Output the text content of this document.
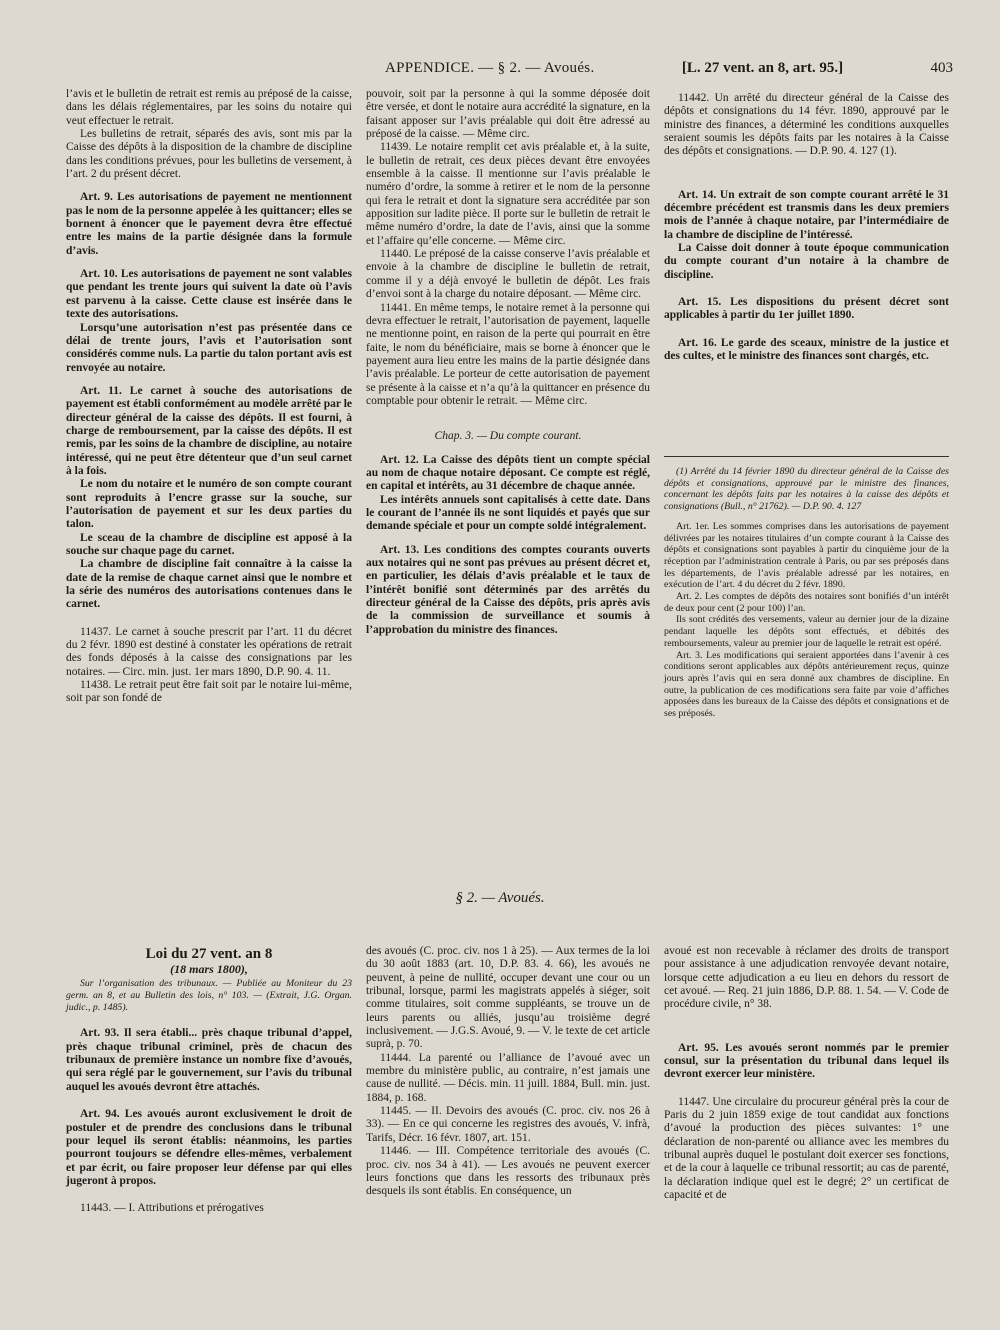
APPENDICE. — § 2. — Avoués.	[L. 27 vent. an 8, art. 95.]	403

l’avis et le bulletin de retrait est remis au préposé de la caisse, dans les délais réglementaires, par les soins du notaire qui veut effectuer le retrait.

Les bulletins de retrait, séparés des avis, sont mis par la Caisse des dépôts à la disposition de la chambre de discipline dans les conditions prévues, pour les bulletins de versement, à l’art. 2 du présent décret.

Art. 9. Les autorisations de payement ne mentionnent pas le nom de la personne appelée à les quittancer; elles se bornent à énoncer que le payement devra être effectué entre les mains de la partie désignée dans la formule d’avis.

Art. 10. Les autorisations de payement ne sont valables que pendant les trente jours qui suivent la date où l’avis est parvenu à la caisse. Cette clause est insérée dans le texte des autorisations.

Lorsqu’une autorisation n’est pas présentée dans ce délai de trente jours, l’avis et l’autorisation sont considérés comme nuls. La partie du talon portant avis est renvoyée au notaire.

Art. 11. Le carnet à souche des autorisations de payement est établi conformément au modèle arrêté par le directeur général de la caisse des dépôts. Il est fourni, à charge de remboursement, par la caisse des dépôts. Il est remis, par les soins de la chambre de discipline, au notaire intéressé, qui ne peut être détenteur que d’un seul carnet à la fois.

Le nom du notaire et le numéro de son compte courant sont reproduits à l’encre grasse sur la souche, sur l’autorisation de payement et sur les deux parties du talon.

Le sceau de la chambre de discipline est apposé à la souche sur chaque page du carnet.

La chambre de discipline fait connaître à la caisse la date de la remise de chaque carnet ainsi que le nombre et la série des numéros des autorisations contenues dans le carnet.

11437. Le carnet à souche prescrit par l’art. 11 du décret du 2 févr. 1890 est destiné à constater les opérations de retrait des fonds déposés à la caisse des consignations par les notaires. — Circ. min. just. 1er mars 1890, D.P. 90. 4. 11.

11438. Le retrait peut être fait soit par le notaire lui-même, soit par son fondé de

pouvoir, soit par la personne à qui la somme déposée doit être versée, et dont le notaire aura accrédité la signature, en la faisant apposer sur l’avis préalable qui doit être adressé au préposé de la caisse. — Même circ.

11439. Le notaire remplit cet avis préalable et, à la suite, le bulletin de retrait, ces deux pièces devant être envoyées ensemble à la caisse. Il mentionne sur l’avis préalable le numéro d’ordre, la somme à retirer et le nom de la personne qui fera le retrait et dont la signature sera accréditée par son apposition sur ladite pièce. Il porte sur le bulletin de retrait le même numéro d’ordre, la date de l’avis, ainsi que la somme et l’affaire qu’elle concerne. — Même circ.

11440. Le préposé de la caisse conserve l’avis préalable et envoie à la chambre de discipline le bulletin de retrait, comme il y a déjà envoyé le bulletin de dépôt. Les frais d’envoi sont à la charge du notaire déposant. — Même circ.

11441. En même temps, le notaire remet à la personne qui devra effectuer le retrait, l’autorisation de payement, laquelle ne mentionne point, en raison de la perte qui pourrait en être faite, le nom du bénéficiaire, mais se borne à énoncer que le payement aura lieu entre les mains de la partie désignée dans l’avis préalable. Le porteur de cette autorisation de payement se présente à la caisse et n’a qu’à la quittancer en présence du comptable pour obtenir le retrait. — Même circ.

Chap. 3. — Du compte courant.

Art. 12. La Caisse des dépôts tient un compte spécial au nom de chaque notaire déposant. Ce compte est réglé, en capital et intérêts, au 31 décembre de chaque année.

Les intérêts annuels sont capitalisés à cette date. Dans le courant de l’année ils ne sont liquidés et payés que sur demande spéciale et pour un compte soldé intégralement.

Art. 13. Les conditions des comptes courants ouverts aux notaires qui ne sont pas prévues au présent décret et, en particulier, les délais d’avis préalable et le taux de l’intérêt bonifié sont déterminés par des arrêtés du directeur général de la Caisse des dépôts, pris après avis de la commission de surveillance et soumis à l’approbation du ministre des finances.

11442. Un arrêté du directeur général de la Caisse des dépôts et consignations du 14 févr. 1890, approuvé par le ministre des finances, a déterminé les conditions auxquelles seraient soumis les dépôts faits par les notaires à la Caisse des dépôts et consignations. — D.P. 90. 4. 127 (1).

Art. 14. Un extrait de son compte courant arrêté le 31 décembre précédent est transmis dans les deux premiers mois de l’année à chaque notaire, par l’intermédiaire de la chambre de discipline de l’intéressé.

La Caisse doit donner à toute époque communication du compte courant d’un notaire à la chambre de discipline.

Art. 15. Les dispositions du présent décret sont applicables à partir du 1er juillet 1890.

Art. 16. Le garde des sceaux, ministre de la justice et des cultes, et le ministre des finances sont chargés, etc.

(1) Arrêté du 14 février 1890 du directeur général de la Caisse des dépôts et consignations, approuvé par le ministre des finances, concernant les dépôts faits par les notaires à la caisse des dépôts et consignations (Bull., n° 21762). — D.P. 90. 4. 127

Art. 1er. Les sommes comprises dans les autorisations de payement délivrées par les notaires titulaires d’un compte courant à la Caisse des dépôts et consignations sont payables à partir du cinquième jour de la réception par l’administration centrale à Paris, ou par ses préposés dans les départements, de l’avis préalable adressé par les notaires, en exécution de l’art. 4 du décret du 2 févr. 1890.

Art. 2. Les comptes de dépôts des notaires sont bonifiés d’un intérêt de deux pour cent (2 pour 100) l’an.

Ils sont crédités des versements, valeur au dernier jour de la dizaine pendant laquelle les dépôts sont effectués, et débités des remboursements, valeur au premier jour de laquelle le retrait est opéré.

Art. 3. Les modifications qui seraient apportées dans l’avenir à ces conditions seront applicables aux dépôts antérieurement reçus, quinze jours après l’avis qui en sera donné aux chambres de discipline. En outre, la publication de ces modifications sera faite par voie d’affiches apposées dans les bureaux de la Caisse des dépôts et consignations et de ses préposés.

§ 2. — Avoués.

Loi du 27 vent. an 8

(18 mars 1800),

Sur l’organisation des tribunaux. — Publiée au Moniteur du 23 germ. an 8, et au Bulletin des lois, n° 103. — (Extrait, J.G. Organ. judic., p. 1485).

Art. 93. Il sera établi... près chaque tribunal d’appel, près chaque tribunal criminel, près de chacun des tribunaux de première instance un nombre fixe d’avoués, qui sera réglé par le gouvernement, sur l’avis du tribunal auquel les avoués devront être attachés.

Art. 94. Les avoués auront exclusivement le droit de postuler et de prendre des conclusions dans le tribunal pour lequel ils seront établis: néanmoins, les parties pourront toujours se défendre elles-mêmes, verbalement et par écrit, ou faire proposer leur défense par qui elles jugeront à propos.

11443. — I. Attributions et prérogatives

des avoués (C. proc. civ. nos 1 à 25). — Aux termes de la loi du 30 août 1883 (art. 10, D.P. 83. 4. 66), les avoués ne peuvent, à peine de nullité, occuper devant une cour ou un tribunal, lorsque, parmi les magistrats appelés à siéger, soit comme titulaires, soit comme suppléants, se trouve un de leurs parents ou alliés, jusqu’au troisième degré inclusivement. — J.G.S. Avoué, 9. — V. le texte de cet article suprà, p. 70.

11444. La parenté ou l’alliance de l’avoué avec un membre du ministère public, au contraire, n’est jamais une cause de nullité. — Décis. min. 11 juill. 1884, Bull. min. just. 1884, p. 168.

11445. — II. Devoirs des avoués (C. proc. civ. nos 26 à 33). — En ce qui concerne les registres des avoués, V. infrà, Tarifs, Décr. 16 févr. 1807, art. 151.

11446. — III. Compétence territoriale des avoués (C. proc. civ. nos 34 à 41). — Les avoués ne peuvent exercer leurs fonctions que dans les ressorts des tribunaux près desquels ils sont établis. En conséquence, un

avoué est non recevable à réclamer des droits de transport pour assistance à une adjudication renvoyée devant notaire, lorsque cette adjudication a eu lieu en dehors du ressort de cet avoué. — Req. 21 juin 1886, D.P. 88. 1. 54. — V. Code de procédure civile, n° 38.

Art. 95. Les avoués seront nommés par le premier consul, sur la présentation du tribunal dans lequel ils devront exercer leur ministère.

11447. Une circulaire du procureur général près la cour de Paris du 2 juin 1859 exige de tout candidat aux fonctions d’avoué la production des pièces suivantes: 1° une déclaration de non-parenté ou alliance avec les membres du tribunal auprès duquel le postulant doit exercer ses fonctions, et de la cour à laquelle ce tribunal ressortit; au cas de parenté, la déclaration indique quel est le degré; 2° un certificat de capacité et de
